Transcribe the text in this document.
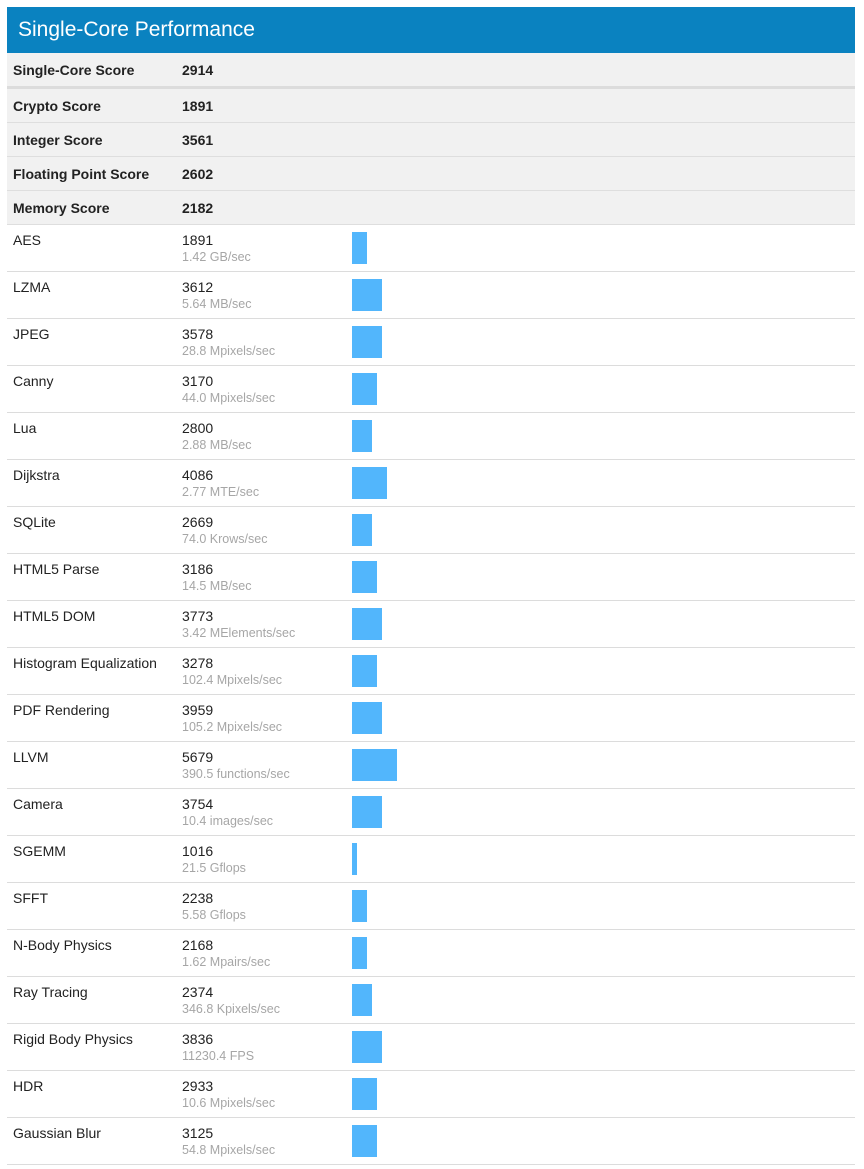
Single-Core Performance
Single-Core Score	2914
Crypto Score	1891
Integer Score	3561
Floating Point Score 2602
Memory Score	2182
AES	1891
1.42 GB/sec
LZMA	3612
5.64 MB/sec
JPEG	3578
28.8 Mpixels/sec
Canny	3170
44.0 Mpixels/sec
Lua	2800
2.88 MB/sec
Dijkstra	4086
2.77 MTE/sec
SQLite	2669
74.0 Krows/sec
HTML5 Parse	3186
14.5 MB/sec
HTML5 DOM	3773
3.42 MElements/sec
Histogram Equalization 3278
102.4 Mpixels/sec
PDF Rendering	3959
105.2 Mpixels/sec
LLVM	5679
390.5 functions/sec
Camera	3754
10.4 images/sec
SGEMM	1016
21.5 Gflops
SFFT	2238
5.58 Gflops
N-Body Physics	2168
1.62 Mpairs/sec
Ray Tracing	2374
346.8 Kpixels/sec
Rigid Body Physics	3836
11230.4 FPS
HDR	2933
10.6 Mpixels/sec
Gaussian Blur	3125
54.8 Mpixels/sec
